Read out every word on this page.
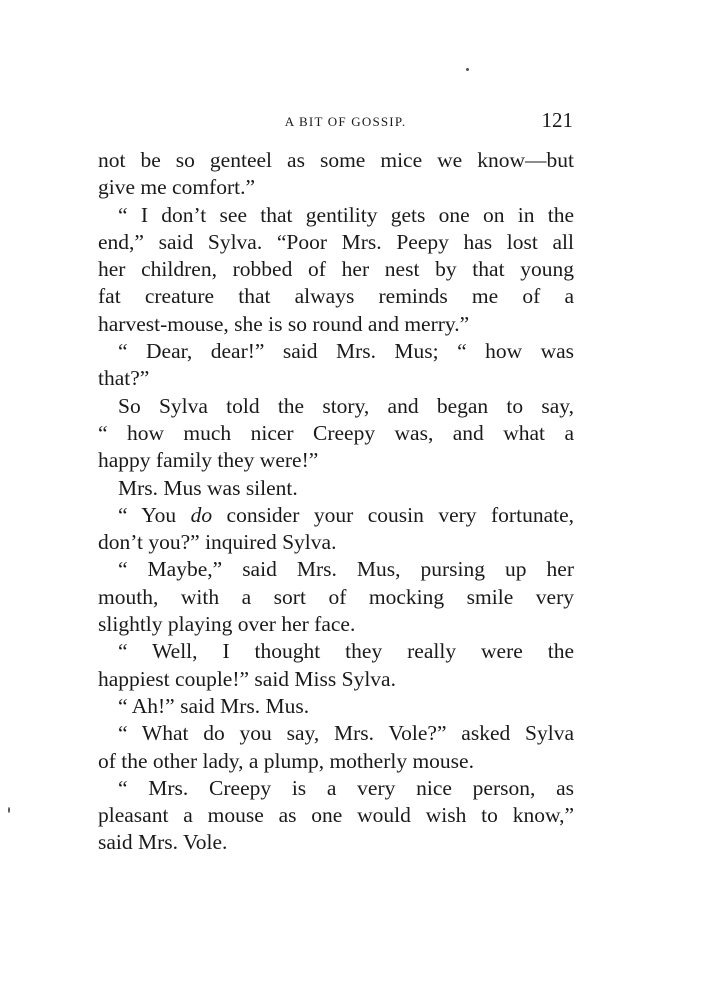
A BIT OF GOSSIP.	121
not be so genteel as some mice we know—but
give me comfort.”
“ I don’t see that gentility gets one on in the
end,” said Sylva. “Poor Mrs. Peepy has lost all
her children, robbed of her nest by that young
fat creature that always reminds me of a
harvest-mouse, she is so round and merry.”
“ Dear, dear!” said Mrs. Mus; “ how was
that?”
So Sylva told the story, and began to say,
“ how much nicer Creepy was, and what a
happy family they were!”
Mrs. Mus was silent.
“ You do consider your cousin very fortunate,
don’t you?” inquired Sylva.
“ Maybe,” said Mrs. Mus, pursing up her
mouth, with a sort of mocking smile very
slightly playing over her face.
“ Well, I thought they really were the
happiest couple!” said Miss Sylva.
“ Ah!” said Mrs. Mus.
“ What do you say, Mrs. Vole?” asked Sylva
of the other lady, a plump, motherly mouse.
“ Mrs. Creepy is a very nice person, as
pleasant a mouse as one would wish to know,”
said Mrs. Vole.
